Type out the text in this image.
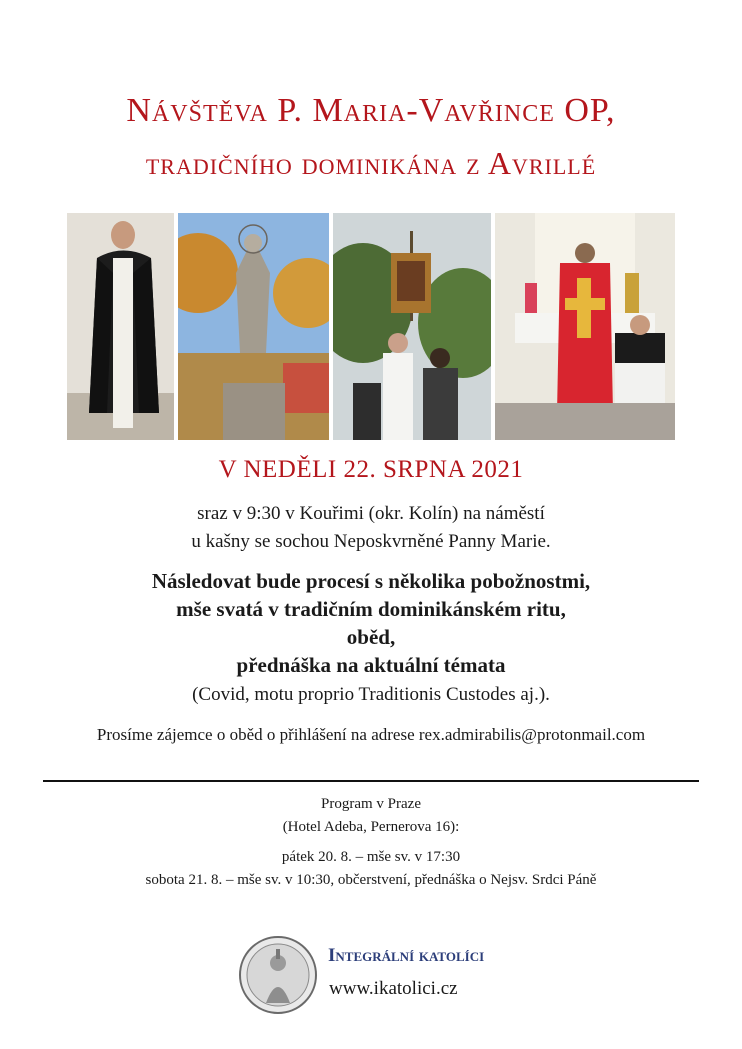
Návštěva P. Maria-Vavřince OP,
tradičního dominikána z Avrillé
V NEDĚLI 22. SRPNA 2021
sraz v 9:30 v Kouřimi (okr. Kolín) na náměstí
u kašny se sochou Neposkvrněné Panny Marie.
Následovat bude procesí s několika pobožnostmi,
mše svatá v tradičním dominikánském ritu,
oběd,
přednáška na aktuální témata
(Covid, motu proprio Traditionis Custodes aj.).
Prosíme zájemce o oběd o přihlášení na adrese rex.admirabilis@protonmail.com
Program v Praze
(Hotel Adeba, Pernerova 16):
pátek 20. 8. – mše sv. v 17:30
sobota 21. 8. – mše sv. v 10:30, občerstvení, přednáška o Nejsv. Srdci Páně
Integrální katolíci
www.ikatolici.cz
